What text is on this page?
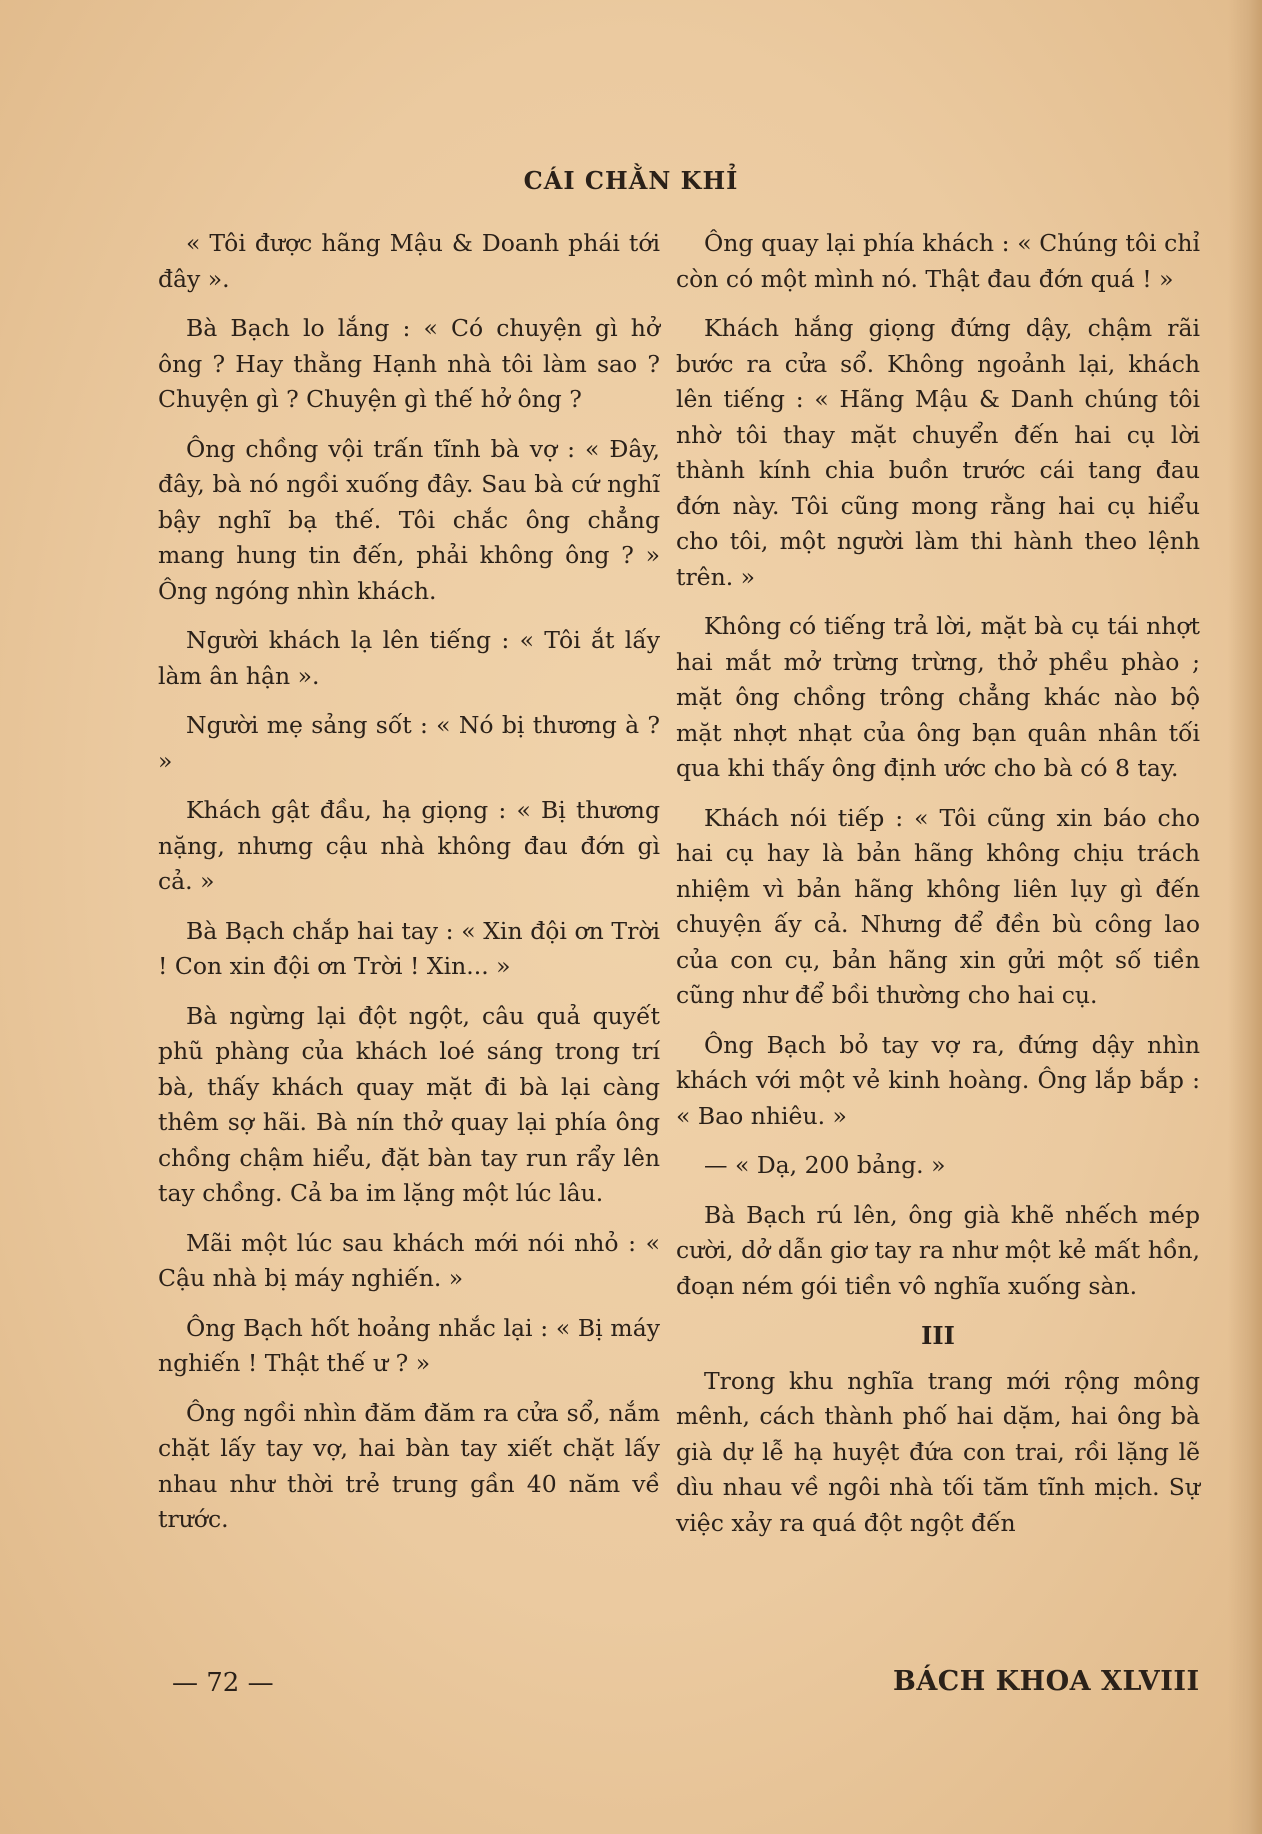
CÁI CHẰN KHỈ

« Tôi được hãng Mậu & Doanh phái tới đây ».

Bà Bạch lo lắng : « Có chuyện gì hở ông ? Hay thằng Hạnh nhà tôi làm sao ? Chuyện gì ? Chuyện gì thế hở ông ?

Ông chồng vội trấn tĩnh bà vợ : « Đây, đây, bà nó ngồi xuống đây. Sau bà cứ nghĩ bậy nghĩ bạ thế. Tôi chắc ông chẳng mang hung tin đến, phải không ông ? » Ông ngóng nhìn khách.

Người khách lạ lên tiếng : « Tôi ắt lấy làm ân hận ».

Người mẹ sảng sốt : « Nó bị thương à ? »

Khách gật đầu, hạ giọng : « Bị thương nặng, nhưng cậu nhà không đau đớn gì cả. »

Bà Bạch chắp hai tay : « Xin đội ơn Trời ! Con xin đội ơn Trời ! Xin... »

Bà ngừng lại đột ngột, câu quả quyết phũ phàng của khách loé sáng trong trí bà, thấy khách quay mặt đi bà lại càng thêm sợ hãi. Bà nín thở quay lại phía ông chồng chậm hiểu, đặt bàn tay run rẩy lên tay chồng. Cả ba im lặng một lúc lâu.

Mãi một lúc sau khách mới nói nhỏ : « Cậu nhà bị máy nghiến. »

Ông Bạch hốt hoảng nhắc lại : « Bị máy nghiến ! Thật thế ư ? »

Ông ngồi nhìn đăm đăm ra cửa sổ, nắm chặt lấy tay vợ, hai bàn tay xiết chặt lấy nhau như thời trẻ trung gần 40 năm về trước.

Ông quay lại phía khách : « Chúng tôi chỉ còn có một mình nó. Thật đau đớn quá ! »

Khách hắng giọng đứng dậy, chậm rãi bước ra cửa sổ. Không ngoảnh lại, khách lên tiếng : « Hãng Mậu & Danh chúng tôi nhờ tôi thay mặt chuyển đến hai cụ lời thành kính chia buồn trước cái tang đau đớn này. Tôi cũng mong rằng hai cụ hiểu cho tôi, một người làm thi hành theo lệnh trên. »

Không có tiếng trả lời, mặt bà cụ tái nhợt hai mắt mở trừng trừng, thở phều phào ; mặt ông chồng trông chẳng khác nào bộ mặt nhợt nhạt của ông bạn quân nhân tối qua khi thấy ông định ước cho bà có 8 tay.

Khách nói tiếp : « Tôi cũng xin báo cho hai cụ hay là bản hãng không chịu trách nhiệm vì bản hãng không liên lụy gì đến chuyện ấy cả. Nhưng để đền bù công lao của con cụ, bản hãng xin gửi một số tiền cũng như để bồi thường cho hai cụ.

Ông Bạch bỏ tay vợ ra, đứng dậy nhìn khách với một vẻ kinh hoàng. Ông lắp bắp : « Bao nhiêu. »

— « Dạ, 200 bảng. »

Bà Bạch rú lên, ông già khẽ nhếch mép cười, dở dẫn giơ tay ra như một kẻ mất hồn, đoạn ném gói tiền vô nghĩa xuống sàn.

III

Trong khu nghĩa trang mới rộng mông mênh, cách thành phố hai dặm, hai ông bà già dự lễ hạ huyệt đứa con trai, rồi lặng lẽ dìu nhau về ngôi nhà tối tăm tĩnh mịch. Sự việc xảy ra quá đột ngột đến

— 72 —	BÁCH KHOA XLVIII
